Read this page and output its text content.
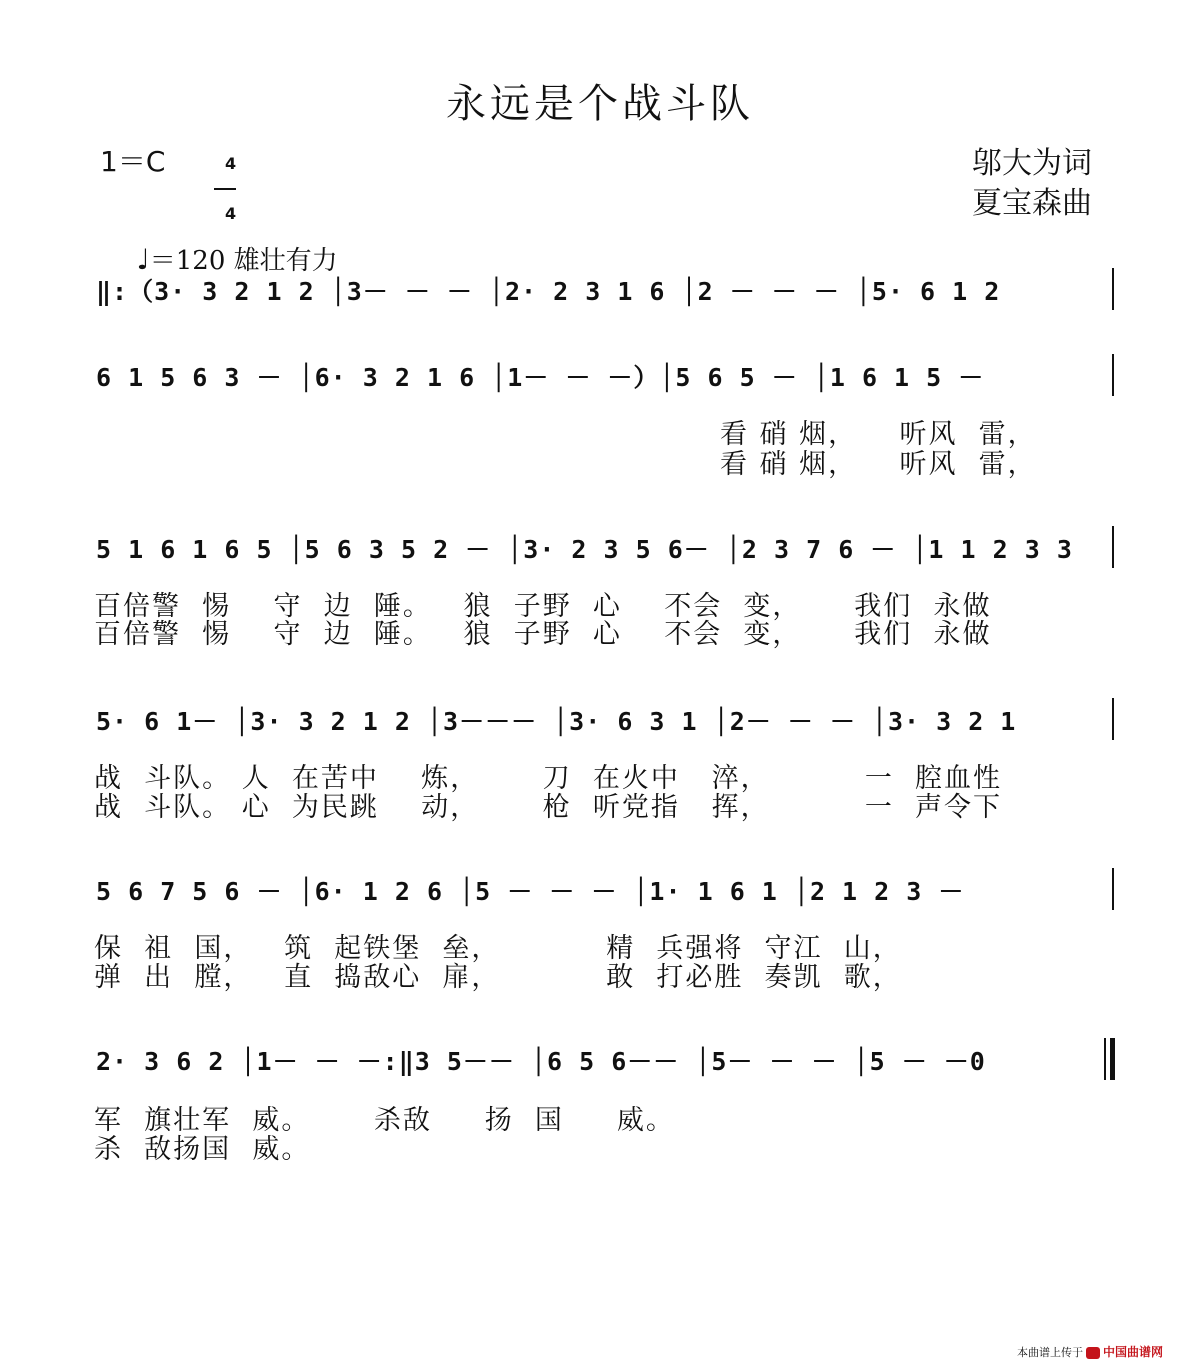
永远是个战斗队
1＝C	4

4

邬大为词
夏宝森曲

♩＝120 雄壮有力

‖:（3· 3 2 1 2 │3－ － － │2· 2 3 1 6 │2 － － － │5· 6 1 2
6 1 5 6 3 － │6· 3 2 1 6 │1－ － －）│5 6 5 － │1 6 1 5 －
看 硝 烟，    听风  雷，
看 硝 烟，    听风  雷，
5 1 6 1 6 5 │5 6 3 5 2 － │3· 2 3 5 6－ │2 3 7 6 － │1 1 2 3 3
百倍警  惕    守  边  陲。   狼  子野  心    不会  变，     我们  永做
百倍警  惕    守  边  陲。   狼  子野  心    不会  变，     我们  永做
5· 6 1－ │3· 3 2 1 2 │3－－－ │3· 6 3 1 │2－ － － │3· 3 2 1
战  斗队。 人  在苦中    炼，      刀  在火中   淬，         一  腔血性
战  斗队。 心  为民跳    动，      枪  听党指   挥，         一  声令下
5 6 7 5 6 － │6· 1 2 6 │5 － － － │1· 1 6 1 │2 1 2 3 －
保  祖  国，   筑  起铁堡  垒，          精  兵强将  守江  山，
弹  出  膛，   直  捣敌心  扉，          敢  打必胜  奏凯  歌，
2· 3 6 2 │1－ － －:‖3 5－－ │6 5 6－－ │5－ － － │5 － －0
军  旗壮军  威。      杀敌     扬  国     威。
杀  敌扬国  威。

本曲谱上传于 中国曲谱网
